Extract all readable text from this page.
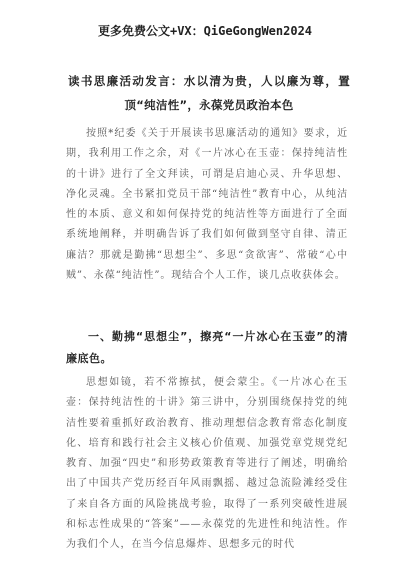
更多免费公文+VX：QiGeGongWen2024
读书思廉活动发言：水以清为贵，人以廉为尊，置顶“纯洁性”，永葆党员政治本色

按照*纪委《关于开展读书思廉活动的通知》要求，近期，我利用工作之余，对《一片冰心在玉壶：保持纯洁性的十讲》进行了全文拜读，可谓是启迪心灵、升华思想、净化灵魂。全书紧扣党员干部“纯洁性”教育中心，从纯洁性的本质、意义和如何保持党的纯洁性等方面进行了全面系统地阐释，并明确告诉了我们如何做到坚守自律、清正廉洁？那就是勤拂“思想尘”、多思“贪欲害”、常破“心中贼”、永葆“纯洁性”。现结合个人工作，谈几点收获体会。

一、勤拂“思想尘”，擦亮“一片冰心在玉壶”的清廉底色。

思想如镜，若不常擦拭，便会蒙尘。《一片冰心在玉壶：保持纯洁性的十讲》第三讲中，分别围绕保持党的纯洁性要着重抓好政治教育、推动理想信念教育常态化制度化、培育和践行社会主义核心价值观、加强党章党规党纪教育、加强“四史”和形势政策教育等进行了阐述，明确给出了中国共产党历经百年风雨飘摇、越过急流险滩经受住了来自各方面的风险挑战考验，取得了一系列突破性进展和标志性成果的“答案”——永葆党的先进性和纯洁性。作为我们个人，在当今信息爆炸、思想多元的时代
